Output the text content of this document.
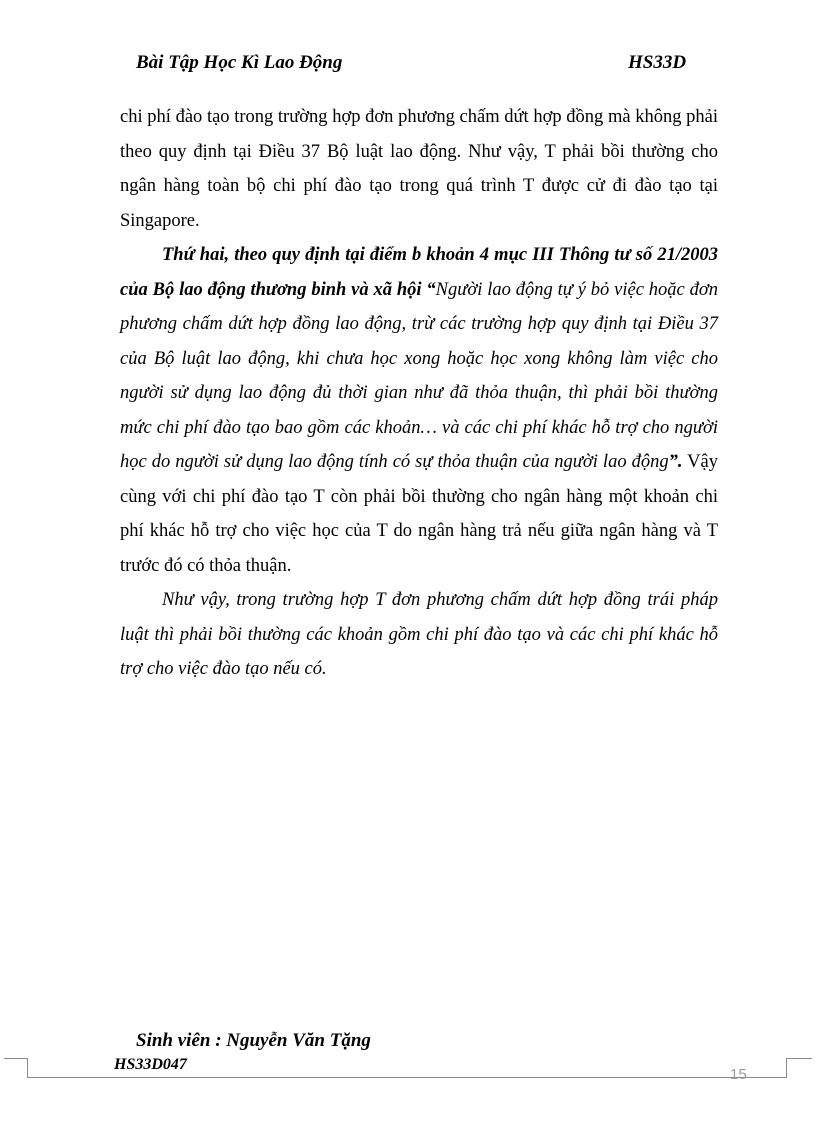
Bài Tập Học Kì Lao Động	HS33D

chi phí đào tạo trong trường hợp đơn phương chấm dứt hợp đồng mà không phải theo quy định tại Điều 37 Bộ luật lao động. Như vậy, T phải bồi thường cho ngân hàng toàn bộ chi phí đào tạo trong quá trình T được cử đi đào tạo tại Singapore.

Thứ hai, theo quy định tại điểm b khoản 4 mục III Thông tư số 21/2003 của Bộ lao động thương binh và xã hội “Người lao động tự ý bỏ việc hoặc đơn phương chấm dứt hợp đồng lao động, trừ các trường hợp quy định tại Điều 37 của Bộ luật lao động, khi chưa học xong hoặc học xong không làm việc cho người sử dụng lao động đủ thời gian như đã thỏa thuận, thì phải bồi thường mức chi phí đào tạo bao gồm các khoản… và các chi phí khác hỗ trợ cho người học do người sử dụng lao động tính có sự thỏa thuận của người lao động”. Vậy cùng với chi phí đào tạo T còn phải bồi thường cho ngân hàng một khoản chi phí khác hỗ trợ cho việc học của T do ngân hàng trả nếu giữa ngân hàng và T trước đó có thỏa thuận.

Như vậy, trong trường hợp T đơn phương chấm dứt hợp đồng trái pháp luật thì phải bồi thường các khoản gồm chi phí đào tạo và các chi phí khác hỗ trợ cho việc đào tạo nếu có.

Sinh viên : Nguyễn Văn Tặng
HS33D047
15
